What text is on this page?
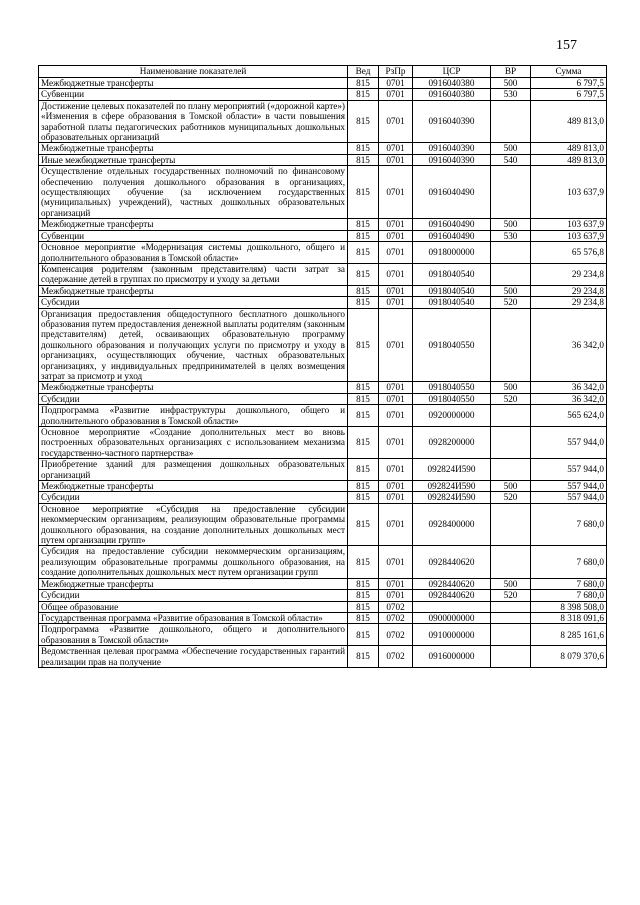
157
Наименование показателей	Вед	РзПр	ЦСР	ВР	Сумма
Межбюджетные трансферты	815	0701	0916040380	500	6 797,5
Субвенции	815	0701	0916040380	530	6 797,5
Достижение целевых показателей по плану мероприятий («дорожной карте») «Изменения в сфере образования в Томской области» в части повышения заработной платы педагогических работников муниципальных дошкольных образовательных организаций	815	0701	0916040390		489 813,0
Межбюджетные трансферты	815	0701	0916040390	500	489 813,0
Иные межбюджетные трансферты	815	0701	0916040390	540	489 813,0
Осуществление отдельных государственных полномочий по финансовому обеспечению получения дошкольного образования в организациях, осуществляющих обучение (за исключением государственных (муниципальных) учреждений), частных дошкольных образовательных организаций	815	0701	0916040490		103 637,9
Межбюджетные трансферты	815	0701	0916040490	500	103 637,9
Субвенции	815	0701	0916040490	530	103 637,9
Основное мероприятие «Модернизация системы дошкольного, общего и дополнительного образования в Томской области»	815	0701	0918000000		65 576,8
Компенсация родителям (законным представителям) части затрат за содержание детей в группах по присмотру и уходу за детьми	815	0701	0918040540		29 234,8
Межбюджетные трансферты	815	0701	0918040540	500	29 234,8
Субсидии	815	0701	0918040540	520	29 234,8
Организация предоставления общедоступного бесплатного дошкольного образования путем предоставления денежной выплаты родителям (законным представителям) детей, осваивающих образовательную программу дошкольного образования и получающих услуги по присмотру и уходу в организациях, осуществляющих обучение, частных образовательных организациях, у индивидуальных предпринимателей в целях возмещения затрат за присмотр и уход	815	0701	0918040550		36 342,0
Межбюджетные трансферты	815	0701	0918040550	500	36 342,0
Субсидии	815	0701	0918040550	520	36 342,0
Подпрограмма «Развитие инфраструктуры дошкольного, общего и дополнительного образования в Томской области»	815	0701	0920000000		565 624,0
Основное мероприятие «Создание дополнительных мест во вновь построенных образовательных организациях с использованием механизма государственно-частного партнерства»	815	0701	0928200000		557 944,0
Приобретение зданий для размещения дошкольных образовательных организаций	815	0701	092824И590		557 944,0
Межбюджетные трансферты	815	0701	092824И590	500	557 944,0
Субсидии	815	0701	092824И590	520	557 944,0
Основное мероприятие «Субсидия на предоставление субсидии некоммерческим организациям, реализующим образовательные программы дошкольного образования, на создание дополнительных дошкольных мест путем организации групп»	815	0701	0928400000		7 680,0
Субсидия на предоставление субсидии некоммерческим организациям, реализующим образовательные программы дошкольного образования, на создание дополнительных дошкольных мест путем организации групп	815	0701	0928440620		7 680,0
Межбюджетные трансферты	815	0701	0928440620	500	7 680,0
Субсидии	815	0701	0928440620	520	7 680,0
Общее образование	815	0702			8 398 508,0
Государственная программа «Развитие образования в Томской области»	815	0702	0900000000		8 318 091,6
Подпрограмма «Развитие дошкольного, общего и дополнительного образования в Томской области»	815	0702	0910000000		8 285 161,6
Ведомственная целевая программа «Обеспечение государственных гарантий реализации прав на получение	815	0702	0916000000		8 079 370,6
